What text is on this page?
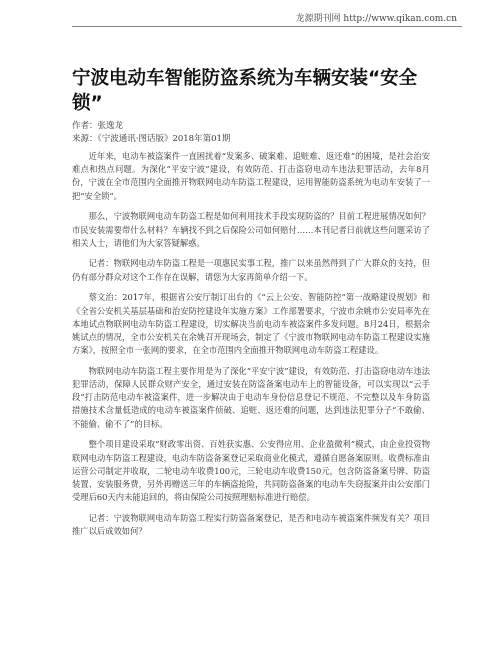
龙源期刊网 http://www.qikan.com.cn
宁波电动车智能防盗系统为车辆安装“安全锁”
作者：张逸龙
来源：《宁波通讯·图话版》2018年第01期

近年来，电动车被盗案件一直困扰着“发案多、破案难、追赃难、返还难”的困境，是社会治安难点和热点问题。为深化“平安宁波”建设，有效防范、打击盗窃电动车违法犯罪活动，去年8月份，宁波在全市范围内全面推开物联网电动车防盗工程建设，运用智能防盗系统为电动车安装了一把“安全锁”。

那么，宁波物联网电动车防盗工程是如何利用技术手段实现防盗的？目前工程进展情况如何？市民安装需要带什么材料？车辆找不到之后保险公司如何赔付……本刊记者日前就这些问题采访了相关人士，请他们为大家答疑解惑。

记者：物联网电动车防盗工程是一项惠民实事工程，推广以来虽然得到了广大群众的支持，但仍有部分群众对这个工作存在误解，请您为大家再简单介绍一下。

蔡文治：2017年，根据省公安厅制订出台的《“云上公安、智能防控”第一战略建设规划》和《全省公安机关基层基础和治安防控建设年实施方案》工作部署要求，宁波市余姚市公安局率先在本地试点物联网电动车防盗工程建设，切实解决当前电动车被盗案件多发问题。8月24日，根据余姚试点的情况，全市公安机关在余姚召开现场会，制定了《宁波市物联网电动车防盗工程建设实施方案》，按照全市一张网的要求，在全市范围内全面推开物联网电动车防盗工程建设。

物联网电动车防盗工程主要作用是为了深化“平安宁波”建设，有效防范、打击盗窃电动车违法犯罪活动，保障人民群众财产安全，通过安装在防盗备案电动车上的智能设备，可以实现以“云手段”打击防范电动车被盗案件，进一步解决由于电动车身份信息登记不规范、不完整以及车身防盗措施技术含量低造成的电动车被盗案件侦破、追赃、返还难的问题，达到违法犯罪分子“不敢偷、不能偷、偷不了”的目标。

整个项目建设采取“财政零出资、百姓获实惠、公安得应用、企业盈微利”模式，由企业投资物联网电动车防盗工程建设，电动车防盗备案登记采取商业化模式，遵循自愿备案原则。收费标准由运营公司制定并收取，二轮电动车收费100元，三轮电动车收费150元，包含防盗备案号牌、防盗装置、安装服务费，另外再赠送三年的车辆盗抢险，共同防盗备案的电动车失窃报案并由公安部门受理后60天内未能追回的，将由保险公司按照理赔标准进行赔偿。

记者：宁波物联网电动车防盗工程实行防盗备案登记，是否和电动车被盗案件频发有关？项目推广以后成效如何？
